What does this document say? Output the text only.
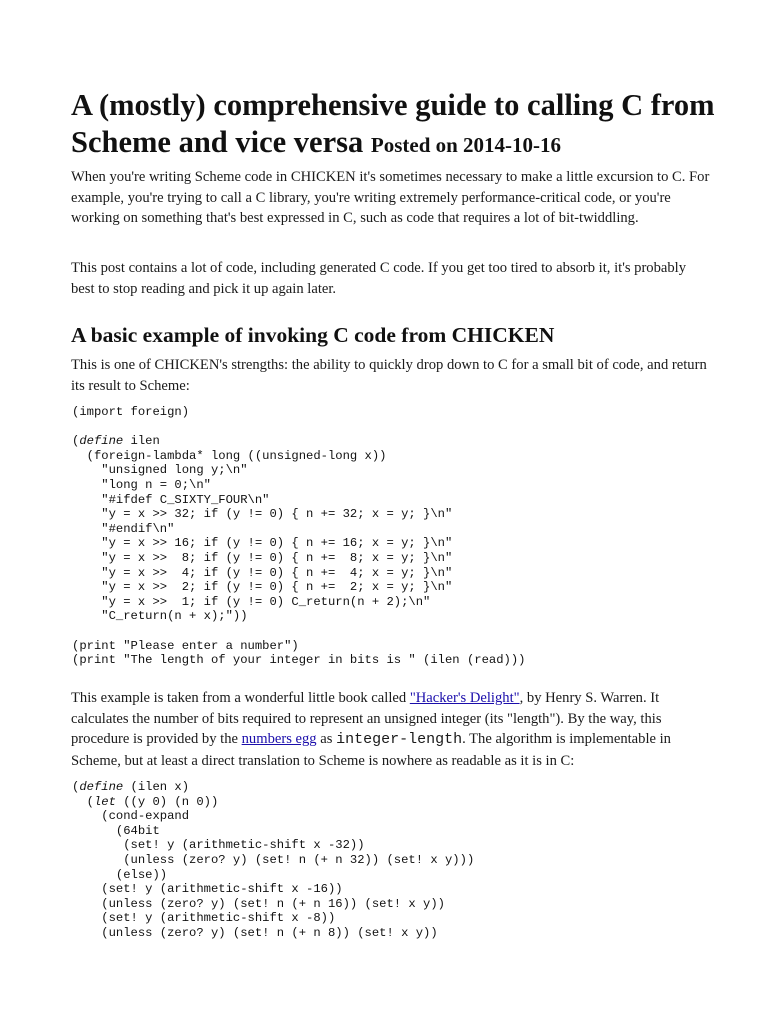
A (mostly) comprehensive guide to calling C from Scheme and vice versa Posted on 2014-10-16

When you're writing Scheme code in CHICKEN it's sometimes necessary to make a little excursion to C. For example, you're trying to call a C library, you're writing extremely performance-critical code, or you're working on something that's best expressed in C, such as code that requires a lot of bit-twiddling.

This post contains a lot of code, including generated C code. If you get too tired to absorb it, it's probably best to stop reading and pick it up again later.

A basic example of invoking C code from CHICKEN

This is one of CHICKEN's strengths: the ability to quickly drop down to C for a small bit of code, and return its result to Scheme:

(import foreign)

(define ilen
(foreign-lambda* long ((unsigned-long x))
"unsigned long y;\n"
"long n = 0;\n"
"#ifdef C_SIXTY_FOUR\n"
"y = x >> 32; if (y != 0) { n += 32; x = y; }\n"
"#endif\n"
"y = x >> 16; if (y != 0) { n += 16; x = y; }\n"
"y = x >>  8; if (y != 0) { n +=  8; x = y; }\n"
"y = x >>  4; if (y != 0) { n +=  4; x = y; }\n"
"y = x >>  2; if (y != 0) { n +=  2; x = y; }\n"
"y = x >>  1; if (y != 0) C_return(n + 2);\n"
"C_return(n + x);"))

(print "Please enter a number")
(print "The length of your integer in bits is " (ilen (read)))

This example is taken from a wonderful little book called "Hacker's Delight", by Henry S. Warren. It calculates the number of bits required to represent an unsigned integer (its "length"). By the way, this procedure is provided by the numbers egg as integer-length. The algorithm is implementable in Scheme, but at least a direct translation to Scheme is nowhere as readable as it is in C:

(define (ilen x)
(let ((y 0) (n 0))
(cond-expand
(64bit
(set! y (arithmetic-shift x -32))
(unless (zero? y) (set! n (+ n 32)) (set! x y)))
(else))
(set! y (arithmetic-shift x -16))
(unless (zero? y) (set! n (+ n 16)) (set! x y))
(set! y (arithmetic-shift x -8))
(unless (zero? y) (set! n (+ n 8)) (set! x y))
